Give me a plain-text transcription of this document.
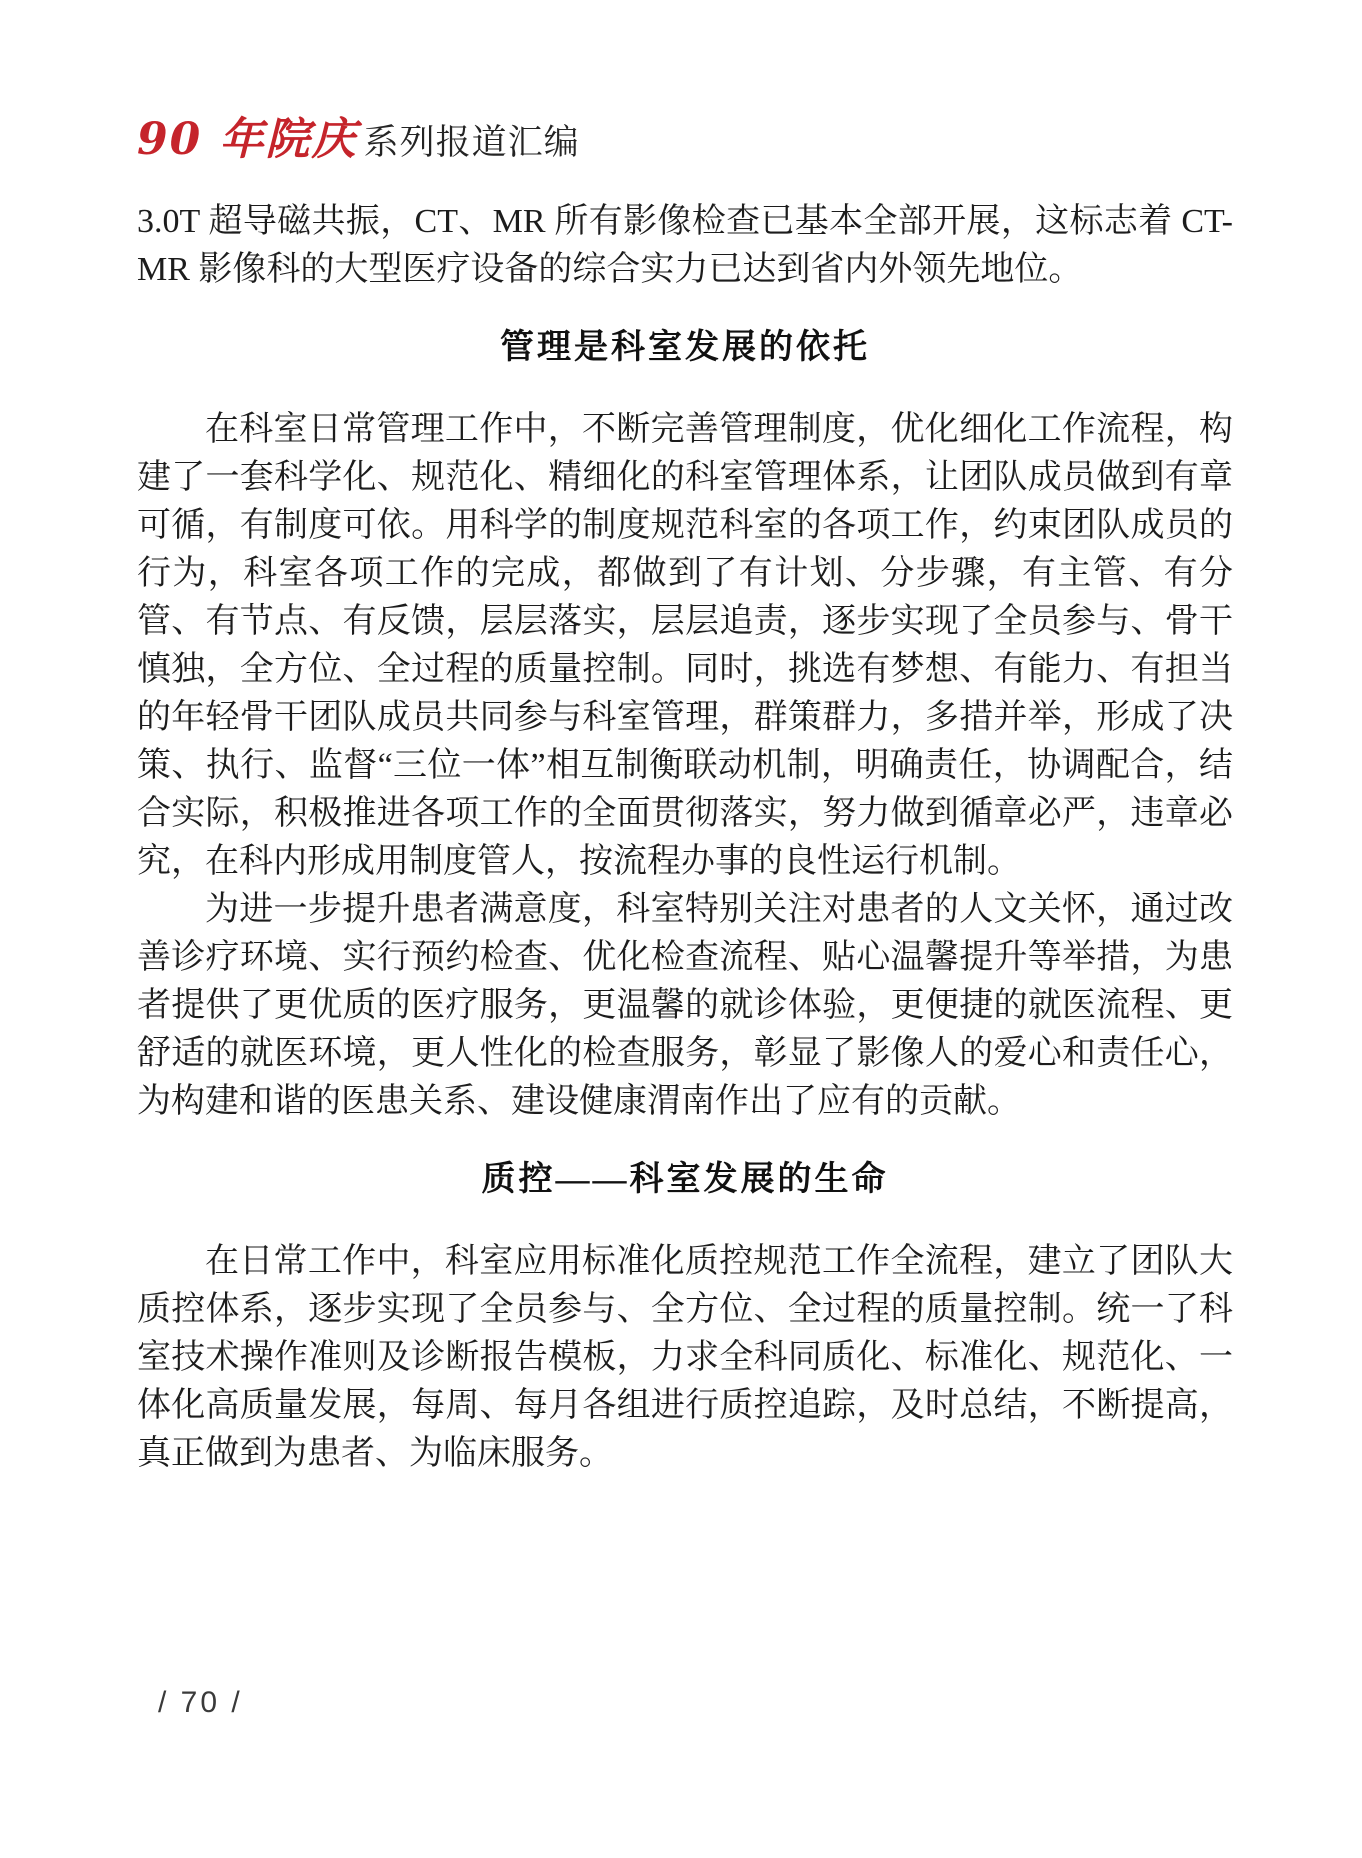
90 年院庆 系列报道汇编

3.0T 超导磁共振，CT、MR 所有影像检查已基本全部开展，这标志着 CT-MR 影像科的大型医疗设备的综合实力已达到省内外领先地位。

管理是科室发展的依托

在科室日常管理工作中，不断完善管理制度，优化细化工作流程，构建了一套科学化、规范化、精细化的科室管理体系，让团队成员做到有章可循，有制度可依。用科学的制度规范科室的各项工作，约束团队成员的行为，科室各项工作的完成，都做到了有计划、分步骤，有主管、有分管、有节点、有反馈，层层落实，层层追责，逐步实现了全员参与、骨干慎独，全方位、全过程的质量控制。同时，挑选有梦想、有能力、有担当的年轻骨干团队成员共同参与科室管理，群策群力，多措并举，形成了决策、执行、监督“三位一体”相互制衡联动机制，明确责任，协调配合，结合实际，积极推进各项工作的全面贯彻落实，努力做到循章必严，违章必究，在科内形成用制度管人，按流程办事的良性运行机制。

为进一步提升患者满意度，科室特别关注对患者的人文关怀，通过改善诊疗环境、实行预约检查、优化检查流程、贴心温馨提升等举措，为患者提供了更优质的医疗服务，更温馨的就诊体验，更便捷的就医流程、更舒适的就医环境，更人性化的检查服务，彰显了影像人的爱心和责任心，为构建和谐的医患关系、建设健康渭南作出了应有的贡献。

质控——科室发展的生命

在日常工作中，科室应用标准化质控规范工作全流程，建立了团队大质控体系，逐步实现了全员参与、全方位、全过程的质量控制。统一了科室技术操作准则及诊断报告模板，力求全科同质化、标准化、规范化、一体化高质量发展，每周、每月各组进行质控追踪，及时总结，不断提高，真正做到为患者、为临床服务。

/ 70 /
